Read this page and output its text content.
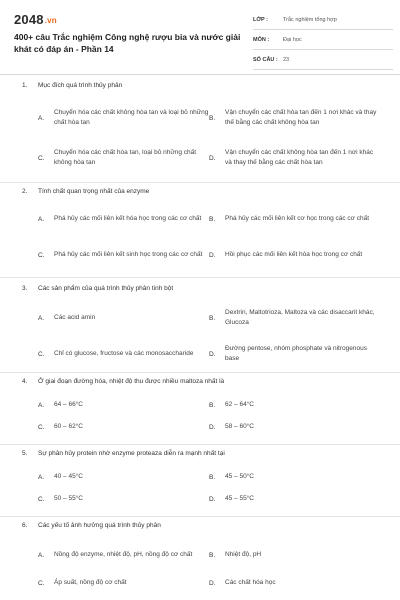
2048.vn
400+ câu Trắc nghiệm Công nghệ rượu bia và nước giải khát có đáp án - Phần 14
LỚP :	Trắc nghiệm tổng hợp
MÔN :	Đại học
SỐ CÂU : 23
1. Mục đích quá trình thủy phân
A.
Chuyển hóa các chất không hòa tan và loại bỏ những chất hòa tan
B.
Vận chuyển các chất hòa tan đến 1 nơi khác và thay thế bằng các chất không hòa tan
C.
Chuyển hóa các chất hòa tan, loại bỏ những chất không hòa tan
D.
Vận chuyển các chất không hòa tan đến 1 nơi khác và thay thế bằng các chất hòa tan
2. Tính chất quan trọng nhất của enzyme
A.	Phá hủy các mối liên kết hóa học trong các cơ chất B.	Phá hủy các mối liên kết cơ học trong các cơ chất
C.	Phá hủy các mối liên kết sinh học trong các cơ chất D.	Hồi phục các mối liên kết hóa học trong cơ chất
3. Các sản phẩm của quá trình thủy phân tinh bột
A.	Các acid amin	B.
Dextrin, Maltotrioza, Maltoza và các disaccarit khác, Glucoza
C.	Chỉ có glucose, fructose và các monosaccharide D.
Đường pentose, nhóm phosphate và nitrogenous base
4. Ở giai đoạn đường hóa, nhiệt độ thu được nhiều maltoza nhất là
A.	64 – 66°C	B.	62 – 64°C
C.	60 – 62°C	D.	58 – 60°C
5. Sự phân hủy protein nhờ enzyme proteaza diễn ra mạnh nhất tại
A.	40 – 45°C	B.	45 – 50°C
C.	50 – 55°C	D.	45 – 55°C
6. Các yếu tố ảnh hưởng quá trình thủy phân
A.	Nồng độ enzyme, nhiệt độ, pH, nồng độ cơ chất	B.	Nhiệt độ, pH
C.	Áp suất, nồng độ cơ chất	D.	Các chất hóa học
